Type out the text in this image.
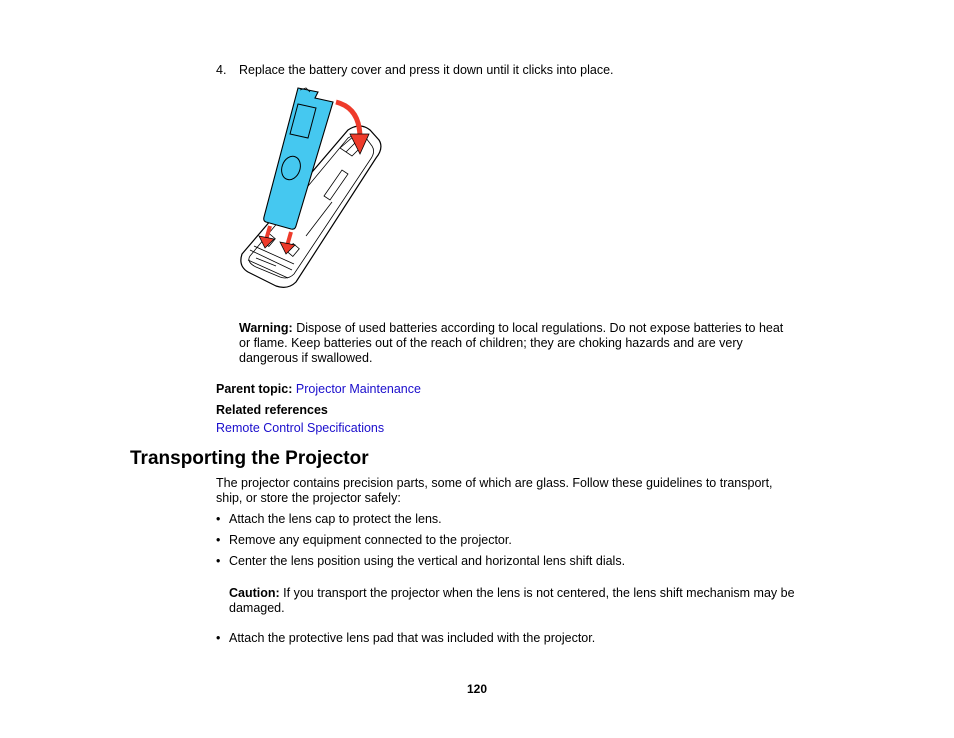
4. Replace the battery cover and press it down until it clicks into place.
Warning: Dispose of used batteries according to local regulations. Do not expose batteries to heat
or flame. Keep batteries out of the reach of children; they are choking hazards and are very
dangerous if swallowed.
Parent topic: Projector Maintenance
Related references
Remote Control Specifications
Transporting the Projector
The projector contains precision parts, some of which are glass. Follow these guidelines to transport,
ship, or store the projector safely:
• Attach the lens cap to protect the lens.
• Remove any equipment connected to the projector.
• Center the lens position using the vertical and horizontal lens shift dials.
Caution: If you transport the projector when the lens is not centered, the lens shift mechanism may be
damaged.
• Attach the protective lens pad that was included with the projector.
120
